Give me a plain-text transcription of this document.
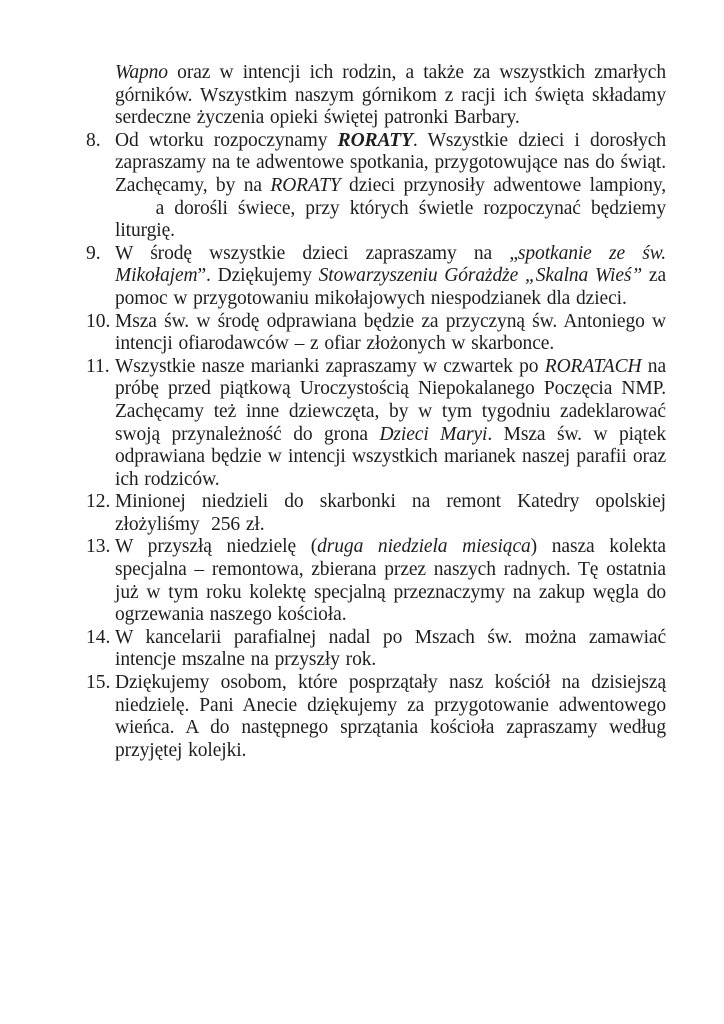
Wapno oraz w intencji ich rodzin, a także za wszystkich zmarłych górników. Wszystkim naszym górnikom z racji ich święta składamy serdeczne życzenia opieki świętej patronki Barbary.
8. Od wtorku rozpoczynamy RORATY. Wszystkie dzieci i dorosłych zapraszamy na te adwentowe spotkania, przygotowujące nas do świąt. Zachęcamy, by na RORATY dzieci przynosiły adwentowe lampiony,     a dorośli świece, przy których świetle rozpoczynać będziemy liturgię.
9. W środę wszystkie dzieci zapraszamy na „spotkanie ze św. Mikołajem”. Dziękujemy Stowarzyszeniu Górażdże „Skalna Wieś” za pomoc w przygotowaniu mikołajowych niespodzianek dla dzieci.
10. Msza św. w środę odprawiana będzie za przyczyną św. Antoniego w intencji ofiarodawców – z ofiar złożonych w skarbonce.
11. Wszystkie nasze marianki zapraszamy w czwartek po RORATACH na próbę przed piątkową Uroczystością Niepokalanego Poczęcia NMP. Zachęcamy też inne dziewczęta, by w tym tygodniu zadeklarować swoją przynależność do grona Dzieci Maryi. Msza św. w piątek odprawiana będzie w intencji wszystkich marianek naszej parafii oraz ich rodziców.
12. Minionej niedzieli do skarbonki na remont Katedry opolskiej złożyliśmy  256 zł.
13. W przyszłą niedzielę (druga niedziela miesiąca) nasza kolekta specjalna – remontowa, zbierana przez naszych radnych. Tę ostatnia już w tym roku kolektę specjalną przeznaczymy na zakup węgla do ogrzewania naszego kościoła.
14. W kancelarii parafialnej nadal po Mszach św. można zamawiać intencje mszalne na przyszły rok.
15. Dziękujemy osobom, które posprzątały nasz kościół na dzisiejszą niedzielę. Pani Anecie dziękujemy za przygotowanie adwentowego wieńca. A do następnego sprzątania kościoła zapraszamy według przyjętej kolejki.
